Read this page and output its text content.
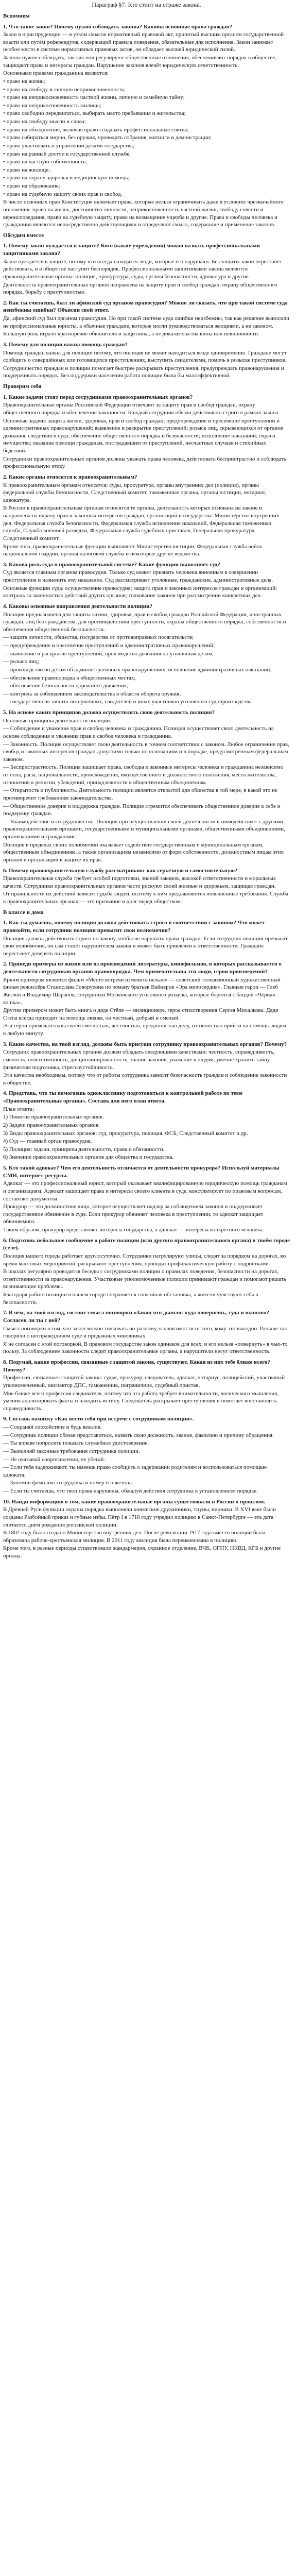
Параграф §7. Кто стоит на страже закона.
Вспомним
1. Что такое закон? Почему нужно соблюдать законы? Каковы основные права граждан?

Закон в юриспруденции — в узком смысле нормативный правовой акт, принятый высшим органом государственной власти или путём референдума, содержащий правила поведения, обязательные для исполнения. Закон занимает особое место в системе нормативных правовых актов, он обладает высшей юридической силой.

Законы нужно соблюдать, так как они регулируют общественные отношения, обеспечивают порядок в обществе, защищают права и интересы граждан. Нарушение законов влечёт юридическую ответственность.

Основными правами гражданина являются:

• право на жизнь;
• право на свободу и личную неприкосновенность;
• право на неприкосновенность частной жизни, личную и семейную тайну;
• право на неприкосновенность жилища;
• право свободно передвигаться, выбирать место пребывания и жительства;
• право на свободу мысли и слова;
• право на объединение, включая право создавать профессиональные союзы;
• право собираться мирно, без оружия, проводить собрания, митинги и демонстрации;
• право участвовать в управлении делами государства;
• право на равный доступ к государственной службе;
• право на частную собственность;
• право на жилище;
• право на охрану здоровья и медицинскую помощь;
• право на образование;
• право на судебную защиту своих прав и свобод.

В число основных прав Конституция включает права, которые нельзя ограничивать даже в условиях чрезвычайного положения: право на жизнь, достоинство личности, неприкосновенность частной жизни, свободу совести и вероисповедания, право на судебную защиту, право на возмещение ущерба и другие. Права и свободы человека и гражданина являются непосредственно действующими и определяют смысл, содержание и применение законов.

Обсудим вместе
1. Почему закон нуждается в защите? Кого (какие учреждения) можно назвать профессиональными защитниками закона?

Закон нуждается в защите, потому что всегда находятся люди, которые его нарушают. Без защиты закон перестанет действовать, и в обществе наступит беспорядок. Профессиональными защитниками закона являются правоохранительные органы: полиция, прокуратура, суды, органы безопасности, адвокатура и другие.

Деятельность правоохранительных органов направлена на защиту прав и свобод граждан, охрану общественного порядка, борьбу с преступностью.

2. Как ты считаешь, был ли афинский суд органом правосудия? Можно ли сказать, что при такой системе суда неизбежны ошибки? Объясни свой ответ.

Да, афинский суд был органом правосудия. Но при такой системе суда ошибки неизбежны, так как решение выносили не профессиональные юристы, а обычные граждане, которые могли руководствоваться эмоциями, а не законом.

Большую роль играло красноречие обвинителя и защитника, а не доказательства вины или невиновности.

3. Почему для полиции важна помощь граждан?

Помощь граждан важна для полиции потому, что полиция не может находиться везде одновременно. Граждане могут сообщить о совершённых или готовящихся преступлениях, выступить свидетелями, помочь в розыске преступников.

Сотрудничество граждан и полиции помогает быстрее раскрывать преступления, предупреждать правонарушения и поддерживать порядок. Без поддержки населения работа полиции была бы малоэффективной.

Проверим себя
1. Какие задачи стоят перед сотрудниками правоохранительных органов?

Правоохранительные органы Российской Федерации отвечают за защиту прав и свобод граждан, охрану общественного порядка и обеспечение законности. Каждый сотрудник обязан действовать строго в рамках закона.

Основные задачи: защита жизни, здоровья, прав и свобод граждан; предупреждение и пресечение преступлений и административных правонарушений; выявление и раскрытие преступлений; розыск лиц, скрывающихся от органов дознания, следствия и суда; обеспечение общественного порядка и безопасности; исполнение наказаний; охрана имущества; оказание помощи гражданам, пострадавшим от преступлений, несчастных случаев и стихийных бедствий.

Сотрудники правоохранительных органов должны уважать права человека, действовать беспристрастно и соблюдать профессиональную этику.

2. Какие органы относятся к правоохранительным?

К правоохранительным органам относятся: суды, прокуратура, органы внутренних дел (полиция), органы федеральной службы безопасности, Следственный комитет, таможенные органы, органы юстиции, нотариат, адвокатура.

В России к правоохранительным органам относятся те органы, деятельность которых основана на законе и направлена на охрану прав и законных интересов граждан, организаций и государства: Министерство внутренних дел, Федеральная служба безопасности, Федеральная служба исполнения наказаний, Федеральная таможенная служба, Служба внешней разведки, Федеральная служба судебных приставов, Генеральная прокуратура, Следственный комитет.

Кроме того, правоохранительные функции выполняют Министерство юстиции, Федеральная служба войск национальной гвардии, органы налоговой службы и некоторые другие ведомства.

3. Какова роль суда в правоохранительной системе? Какие функции выполняет суд?

Суд является главным органом правосудия. Только суд может признать человека виновным в совершении преступления и назначить ему наказание. Суд рассматривает уголовные, гражданские, административные дела.

Основные функции суда: осуществление правосудия; защита прав и законных интересов граждан и организаций; контроль за законностью действий других органов; толкование законов при рассмотрении конкретных дел.

4. Каковы основные направления деятельности полиции?

Полиция предназначена для защиты жизни, здоровья, прав и свобод граждан Российской Федерации, иностранных граждан, лиц без гражданства, для противодействия преступности, охраны общественного порядка, собственности и обеспечения общественной безопасности.

— защита личности, общества, государства от противоправных посягательств;
— предупреждение и пресечение преступлений и административных правонарушений;
— выявление и раскрытие преступлений, производство дознания по уголовным делам;
— розыск лиц;
— производство по делам об административных правонарушениях, исполнение административных наказаний;
— обеспечение правопорядка в общественных местах;
— обеспечение безопасности дорожного движения;
— контроль за соблюдением законодательства в области оборота оружия;
— государственная защита потерпевших, свидетелей и иных участников уголовного судопроизводства.
5. На основе каких принципов должна осуществлять свою деятельность полиция?

Основные принципы деятельности полиции:

— Соблюдение и уважение прав и свобод человека и гражданина. Полиция осуществляет свою деятельность на основе соблюдения и уважения прав и свобод человека и гражданина.
— Законность. Полиция осуществляет свою деятельность в точном соответствии с законом. Любое ограничение прав, свобод и законных интересов граждан допустимо только по основаниям и в порядке, предусмотренным федеральным законом.
— Беспристрастность. Полиция защищает права, свободы и законные интересы человека и гражданина независимо от пола, расы, национальности, происхождения, имущественного и должностного положения, места жительства, отношения к религии, убеждений, принадлежности к общественным объединениям.
— Открытость и публичность. Деятельность полиции является открытой для общества в той мере, в какой это не противоречит требованиям законодательства.
— Общественное доверие и поддержка граждан. Полиция стремится обеспечивать общественное доверие к себе и поддержку граждан.
— Взаимодействие и сотрудничество. Полиция при осуществлении своей деятельности взаимодействует с другими правоохранительными органами, государственными и муниципальными органами, общественными объединениями, организациями и гражданами.

Полиция в пределах своих полномочий оказывает содействие государственным и муниципальным органам, общественным объединениям, а также организациям независимо от форм собственности, должностным лицам этих органов и организаций в защите их прав.

6. Почему правоохранительную службу рассматривают как серьёзную и самостоятельную?

Правоохранительная служба требует особой подготовки, знаний законов, высокой ответственности и моральных качеств. Сотрудники правоохранительных органов часто рискуют своей жизнью и здоровьем, защищая граждан.

От правильности их действий зависит судьба людей, поэтому к ним предъявляются повышенные требования. Служба в правоохранительных органах — это призвание и долг перед обществом.

В классе и дома
1. Как ты думаешь, почему полиция должна действовать строго в соответствии с законом? Что может произойти, если сотрудник полиции превысит свои полномочия?

Полиция должна действовать строго по закону, чтобы не нарушать права граждан. Если сотрудник полиции превысит свои полномочия, он сам станет нарушителем закона и может быть привлечён к ответственности. Граждане перестанут доверять полиции.

2. Приведи примеры из жизни или из произведений литературы, кинофильмов, в которых рассказывается о деятельности сотрудников органов правопорядка. Чем примечательны эти люди, герои произведений?

Ярким примером является фильм «Место встречи изменить нельзя» — советский телевизионный художественный фильм режиссёра Станислава Говорухона по роману братьев Вайнеров «Эра милосердия». Главные герои — Глеб Жеглов и Владимир Шарапов, сотрудники Московского уголовного розыска, которые борются с бандой «Чёрная кошка».

Другим примером может быть книга о дяде Стёпе — милиционере, герое стихотворения Сергея Михалкова. Дядя Стёпа всегда приходит на помощь людям, он честный, добрый и смелый.

Эти герои примечательны своей смелостью, честностью, преданностью делу, готовностью прийти на помощь людям в любую минуту.

3. Какие качества, на твой взгляд, должны быть присущи сотруднику правоохранительных органов? Почему?

Сотрудник правоохранительных органов должен обладать следующими качествами: честность, справедливость, смелость, ответственность, дисциплинированность, знание законов, уважение к людям, умение хранить тайну, физическая подготовка, стрессоустойчивость.

Эти качества необходимы, потому что от работы сотрудника зависит безопасность граждан и соблюдение законности в обществе.

4. Представь, что ты помогаешь однокласснику подготовиться к контрольной работе по теме «Правоохранительные органы». Составь для него план ответа.

План ответа:

1) Понятие правоохранительных органов.
2) Задачи правоохранительных органов.
3) Виды правоохранительных органов: суд, прокуратура, полиция, ФСБ, Следственный комитет и др.
4) Суд — главный орган правосудия.
5) Полиция: задачи, принципы деятельности, права и обязанности.
6) Значение правоохранительных органов для общества и государства.
5. Кто такой адвокат? Чем его деятельность отличается от деятельности прокурора? Используй материалы СМИ, интернет-ресурсы.

Адвокат — это профессиональный юрист, который оказывает квалифицированную юридическую помощь гражданам и организациям. Адвокат защищает права и интересы своего клиента в суде, консультирует по правовым вопросам, составляет документы.

Прокурор — это должностное лицо, которое осуществляет надзор за соблюдением законов и поддерживает государственное обвинение в суде. Если прокурор обвиняет человека в преступлении, то адвокат защищает обвиняемого.

Таким образом, прокурор представляет интересы государства, а адвокат — интересы конкретного человека.

6. Подготовь небольшое сообщение о работе полиции (или другого правоохранительного органа) в твоём городе (селе).

Полиция нашего города работает круглосуточно. Сотрудники патрулируют улицы, следят за порядком на дорогах, во время массовых мероприятий, раскрывают преступления, проводят профилактическую работу с подростками.

В школах регулярно проводятся беседы с сотрудниками полиции о правилах поведения, безопасности на дорогах, ответственности за правонарушения. Участковые уполномоченные полиции принимают граждан и помогают решать возникающие проблемы.

Благодаря работе полиции в нашем городе сохраняется спокойная обстановка, а жители чувствуют себя в безопасности.

7. В чём, на твой взгляд, состоит смысл поговорки «Закон что дышло: куда повернёшь, туда и вышло»? Согласен ли ты с ней?

Смысл поговорки в том, что закон можно толковать по-разному, в зависимости от того, кому это выгодно. Раньше так говорили о несправедливом суде и продажных чиновниках.

Я не согласен с этой поговоркой. В правовом государстве закон одинаков для всех, и его нельзя «повернуть» в чью-то пользу. За соблюдением законности следят правоохранительные органы, а нарушители несут ответственность.

8. Подумай, какие профессии, связанные с защитой закона, существуют. Какая из них тебе ближе всего? Почему?

Профессии, связанные с защитой закона: судья, прокурор, следователь, адвокат, нотариус, полицейский, участковый уполномоченный, инспектор ДПС, таможенник, пограничник, судебный пристав.

Мне ближе всего профессия следователя, потому что эта работа требует внимательности, логического мышления, умения анализировать факты и находить истину. Следователь раскрывает преступления и помогает восстановить справедливость.

9. Составь памятку «Как вести себя при встрече с сотрудником полиции».
— Сохраняй спокойствие и будь вежлив.
— Сотрудник полиции обязан представиться, назвать свою должность, звание, фамилию и причину обращения.
— Ты вправе попросить показать служебное удостоверение.
— Выполняй законные требования сотрудника полиции.
— Не оказывай сопротивления, не убегай.
— Если тебя задерживают, ты имеешь право сообщить о задержании родителям и воспользоваться помощью адвоката.
— Запомни фамилию сотрудника и номер его жетона.
— Если ты считаешь, что твои права нарушены, обжалуй действия сотрудника в установленном порядке.
10. Найди информацию о том, какие правоохранительные органы существовали в России в прошлом.

В Древней Руси функции охраны порядка выполняли княжеские дружинники, тиуны, вирники. В XVI веке были созданы Разбойный приказ и губные избы. Пётр I в 1718 году учредил полицию в Санкт-Петербурге — эта дата считается днём рождения российской полиции.

В 1802 году было создано Министерство внутренних дел. После революции 1917 года вместо полиции была образована рабоче-крестьянская милиция. В 2011 году милиция была переименована в полицию.

Кроме того, в разные периоды существовали жандармерия, охранное отделение, ВЧК, ОГПУ, НКВД, КГБ и другие органы.
